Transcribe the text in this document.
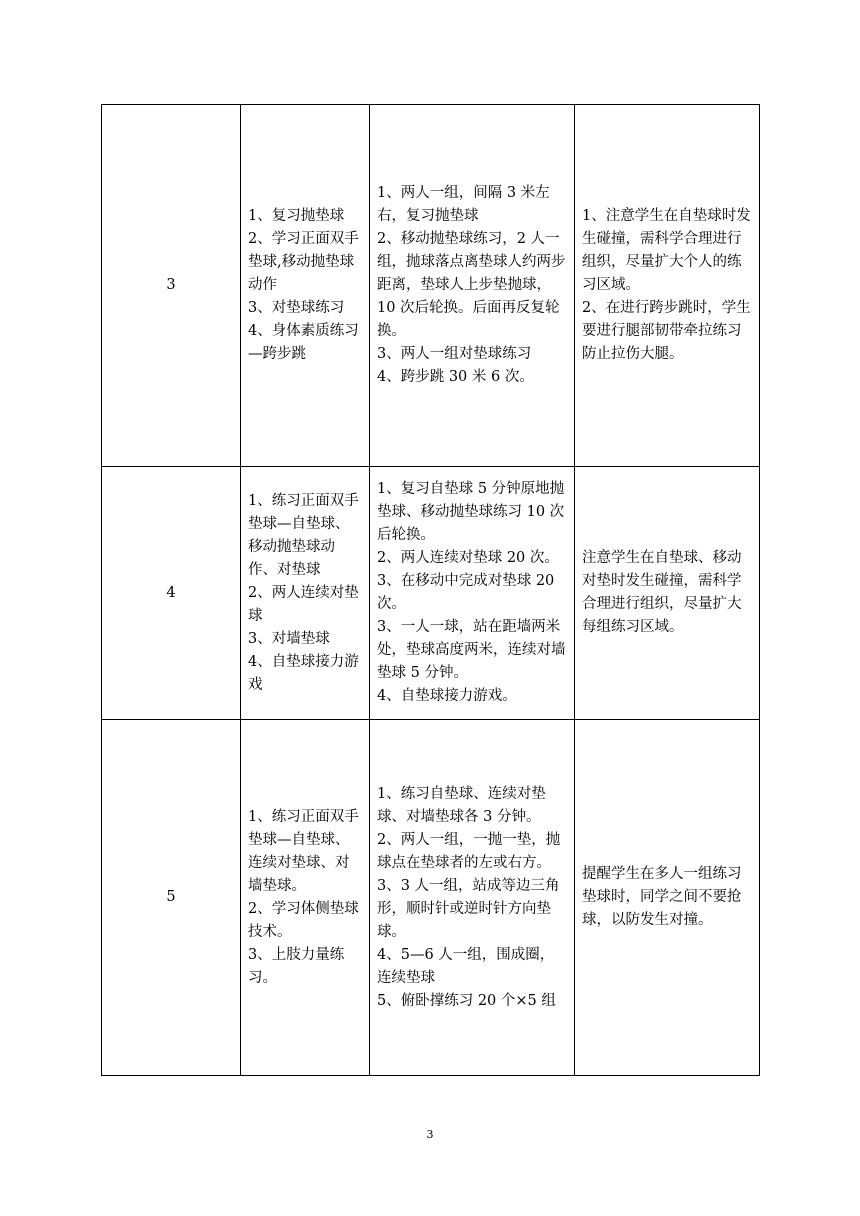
3	1、复习抛垫球
2、学习正面双手垫球,移动抛垫球动作
3、对垫球练习
4、身体素质练习—跨步跳	1、两人一组，间隔 3 米左右，复习抛垫球
2、移动抛垫球练习，2 人一组，抛球落点离垫球人约两步距离，垫球人上步垫抛球，10 次后轮换。后面再反复轮换。
3、两人一组对垫球练习
4、跨步跳 30 米 6 次。	1、注意学生在自垫球时发生碰撞，需科学合理进行组织，尽量扩大个人的练习区域。
2、在进行跨步跳时，学生要进行腿部韧带牵拉练习防止拉伤大腿。

4	1、练习正面双手垫球—自垫球、移动抛垫球动作、对垫球
2、两人连续对垫球
3、对墙垫球
4、自垫球接力游戏	1、复习自垫球 5 分钟原地抛垫球、移动抛垫球练习 10 次后轮换。
2、两人连续对垫球 20 次。
3、在移动中完成对垫球 20 次。
3、一人一球，站在距墙两米处，垫球高度两米，连续对墙垫球 5 分钟。
4、自垫球接力游戏。	注意学生在自垫球、移动对垫时发生碰撞，需科学合理进行组织，尽量扩大每组练习区域。

5	1、练习正面双手垫球—自垫球、连续对垫球、对墙垫球。
2、学习体侧垫球技术。
3、上肢力量练习。	1、练习自垫球、连续对垫球、对墙垫球各 3 分钟。
2、两人一组，一抛一垫，抛球点在垫球者的左或右方。
3、3 人一组，站成等边三角形，顺时针或逆时针方向垫球。
4、5—6 人一组，围成圈，连续垫球
5、俯卧撑练习 20 个×5 组	提醒学生在多人一组练习垫球时，同学之间不要抢球，以防发生对撞。
3
